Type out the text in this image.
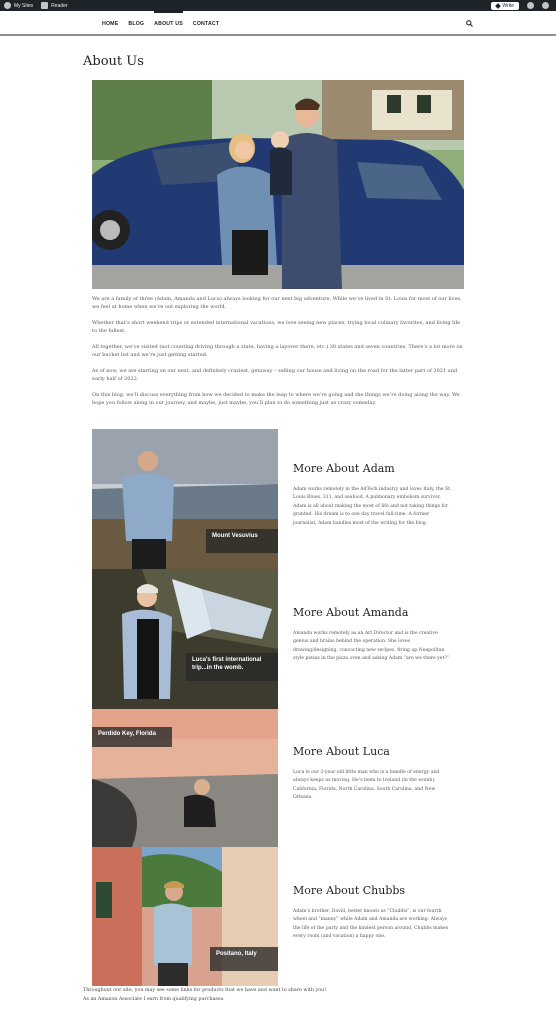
My Sites	Reader	Write
HOME BLOG ABOUT US CONTACT
About Us

We are a family of three (Adam, Amanda and Luca) always looking for our next big adventure. While we’ve lived in St. Louis for most of our lives, we feel at home when we’re out exploring the world.

Whether that’s short weekend trips or extended international vacations, we love seeing new places, trying local culinary favorites, and living life to the fullest.

All together, we’ve visited (not counting driving through a state, having a layover there, etc.) 30 states and seven countries. There’s a lot more on our bucket list and we’re just getting started.

As of now, we are starting on our next, and definitely craziest, getaway – selling our house and living on the road for the latter part of 2021 and early half of 2022.

On this blog, we’ll discuss everything from how we decided to make the leap to where we’re going and the things we’re doing along the way. We hope you follow along in our journey, and maybe, just maybe, you’ll plan to do something just as crazy someday.

Mount Vesuvius
More About Adam

Adam works remotely in the AdTech industry and loves Italy, the St. Louis Blues, 311, and seafood. A pulmonary embolism survivor, Adam is all about making the most of life and not taking things for granted. His dream is to one day travel full-time. A former journalist, Adam handles most of the writing for the blog.

Luca's first international trip...in the womb.
More About Amanda

Amanda works remotely as an Art Director and is the creative genius and brains behind the operation. She loves drawing/designing, concocting new recipes, firing up Neapolitan style pizzas in the pizza oven and asking Adam “are we there yet?”

Perdido Key, Florida
More About Luca

Luca is our 2-year-old little man who is a bundle of energy and always keeps us moving. He’s been to Iceland (in the womb), California, Florida, North Carolina, South Carolina, and New Orleans.

Positano, Italy
More About Chubbs

Adam’s brother, David, better known as “Chubbs”, is our fourth wheel and “manny” while Adam and Amanda are working. Always the life of the party and the kindest person around, Chubbs makes every room (and vacation) a happy one.

Throughout our site, you may see some links for products that we have and want to share with you!
As an Amazon Associate I earn from qualifying purchases.
